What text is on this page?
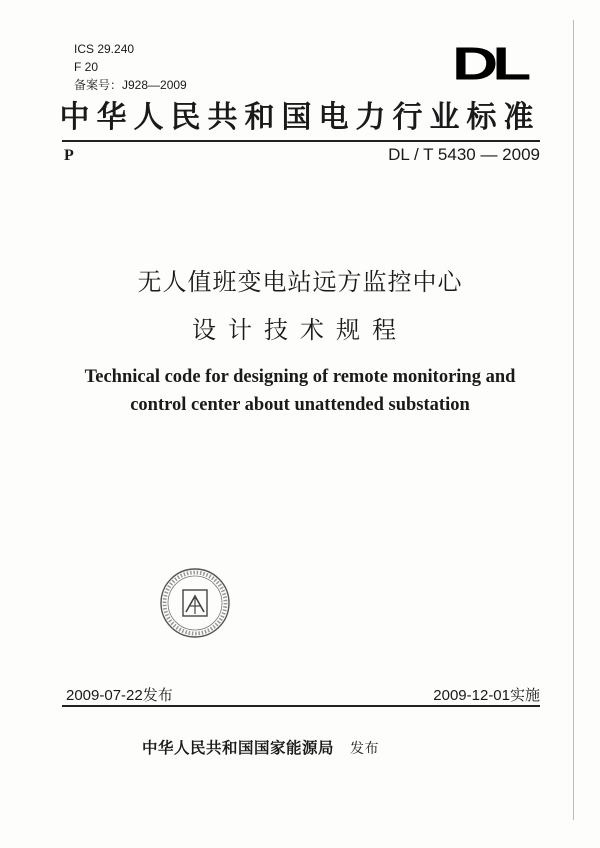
ICS 29.240
F 20
备案号：J928—2009	DL
中华人民共和国电力行业标准
P	DL / T 5430 — 2009
无人值班变电站远方监控中心
设计技术规程
Technical code for designing of remote monitoring and
control center about unattended substation
2009-07-22发布	2009-12-01实施
中华人民共和国国家能源局 发布
